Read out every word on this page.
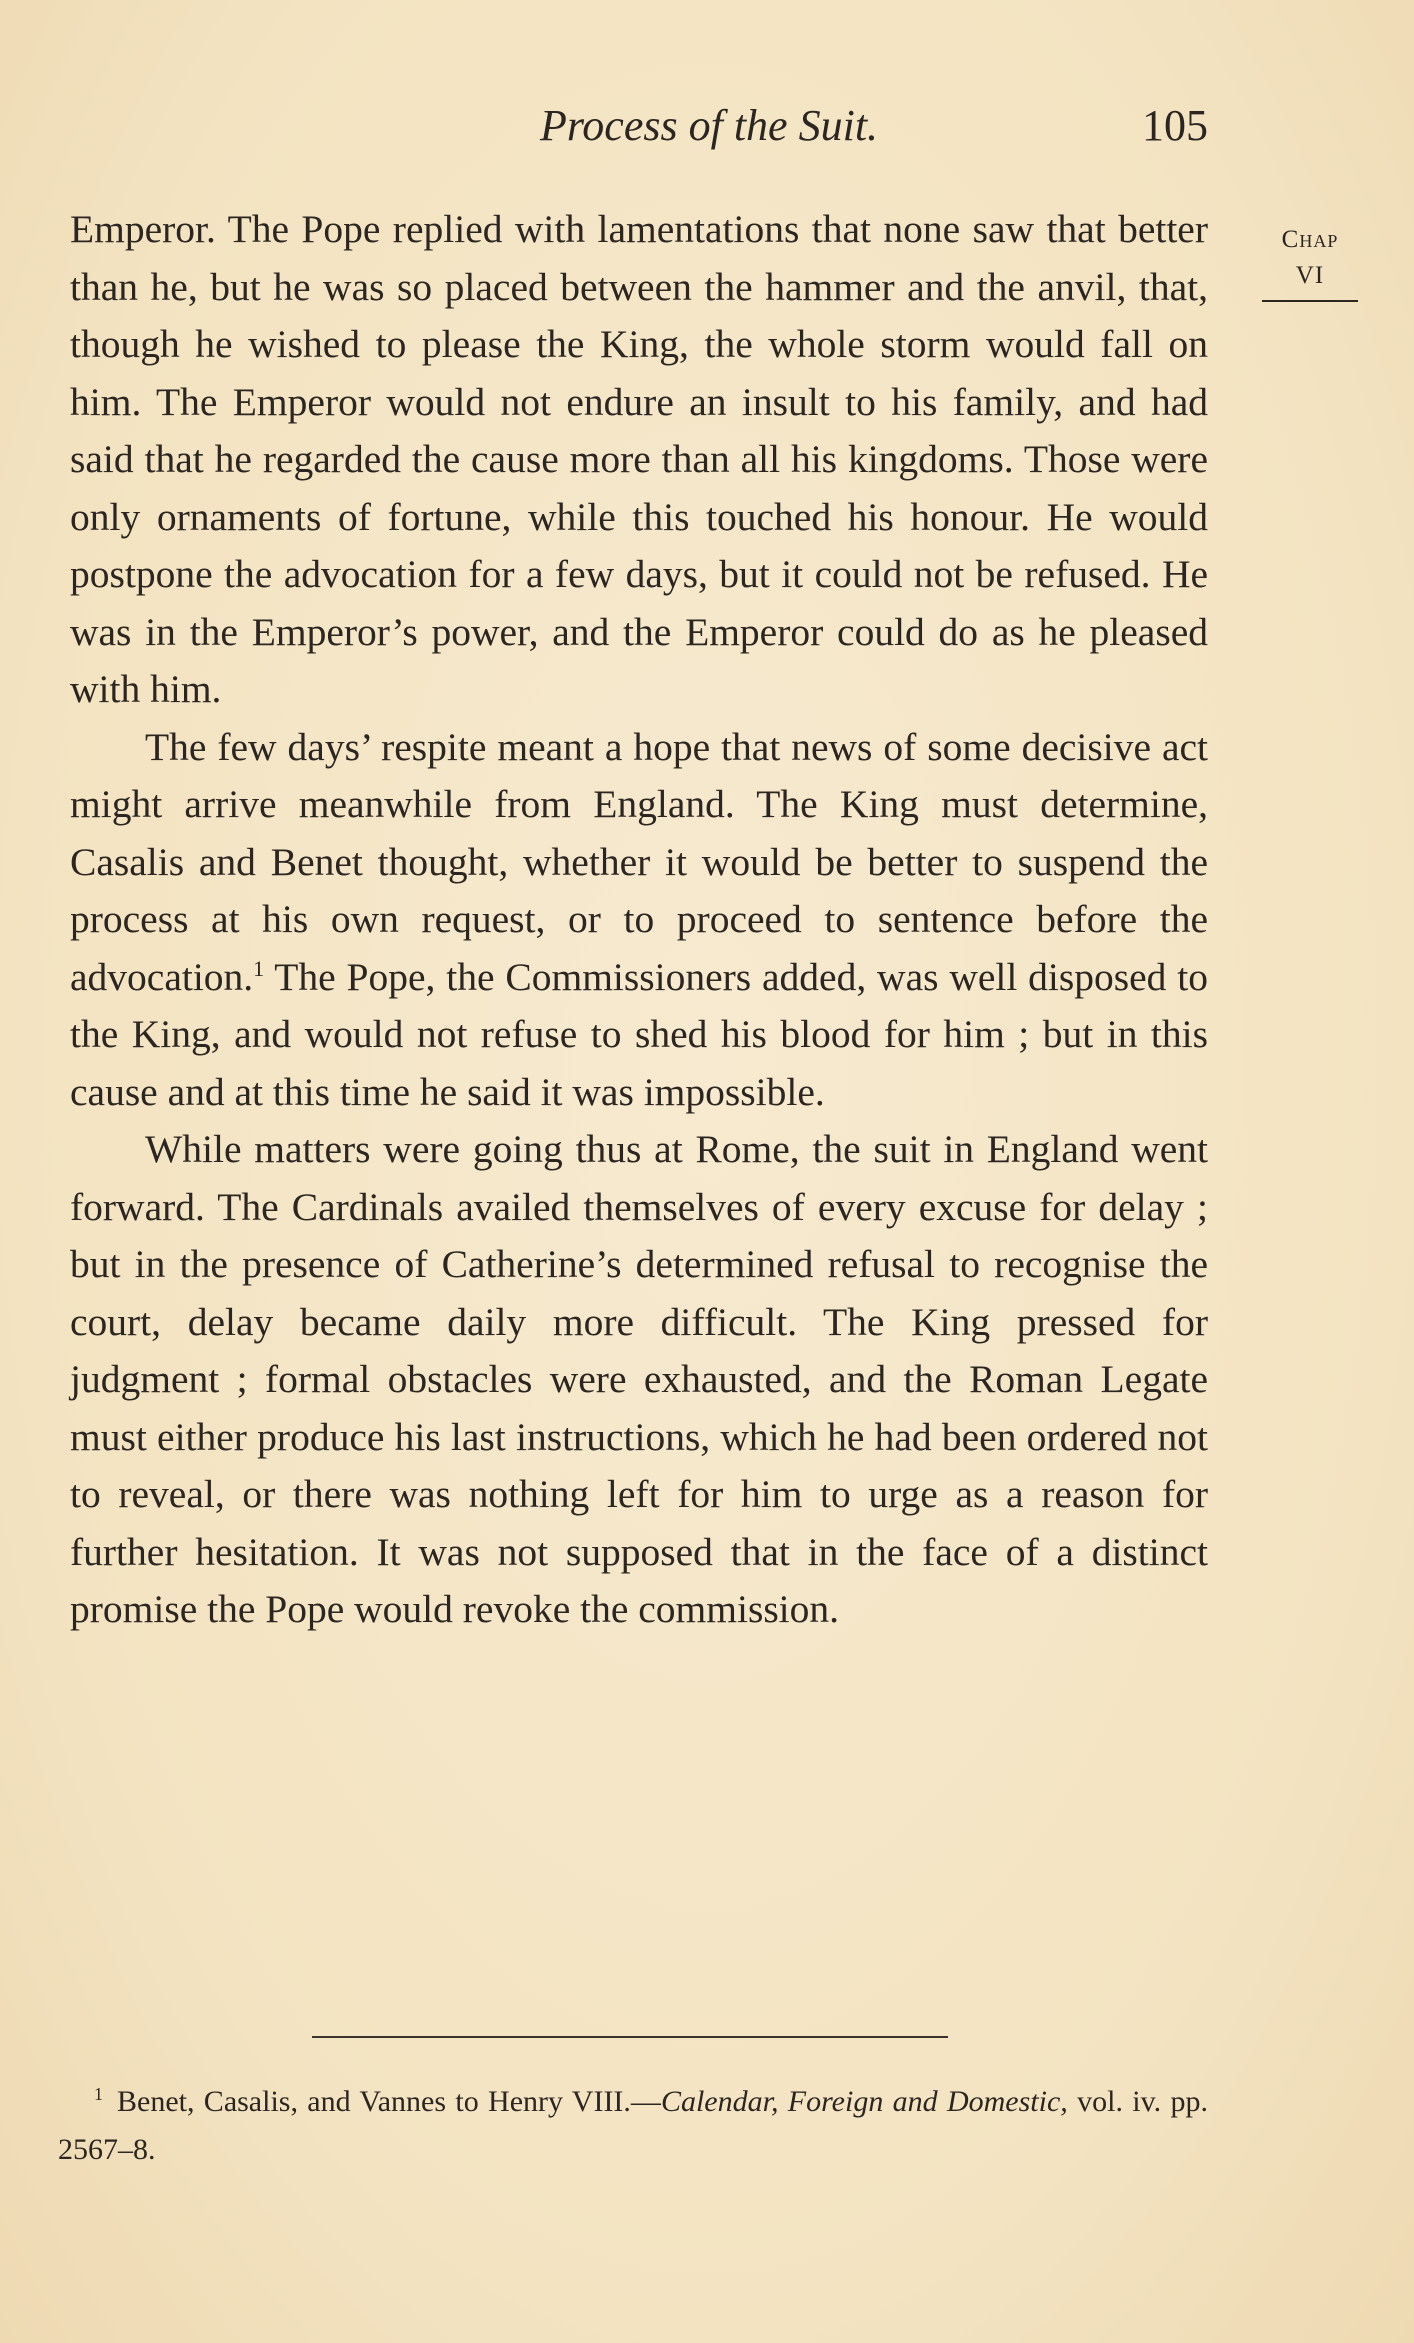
Process of the Suit.	105
Chap
VI

Emperor. The Pope replied with lamentations that none saw that better than he, but he was so placed between the hammer and the anvil, that, though he wished to please the King, the whole storm would fall on him. The Emperor would not endure an insult to his family, and had said that he regarded the cause more than all his kingdoms. Those were only ornaments of fortune, while this touched his honour. He would postpone the advocation for a few days, but it could not be refused. He was in the Emperor’s power, and the Emperor could do as he pleased with him.

The few days’ respite meant a hope that news of some decisive act might arrive meanwhile from England. The King must determine, Casalis and Benet thought, whether it would be better to suspend the process at his own request, or to proceed to sentence before the advocation.$^1$ The Pope, the Commissioners added, was well disposed to the King, and would not refuse to shed his blood for him ; but in this cause and at this time he said it was impossible.

While matters were going thus at Rome, the suit in England went forward. The Cardinals availed themselves of every excuse for delay ; but in the presence of Catherine’s determined refusal to recognise the court, delay became daily more difficult. The King pressed for judgment ; formal obstacles were exhausted, and the Roman Legate must either produce his last instructions, which he had been ordered not to reveal, or there was nothing left for him to urge as a reason for further hesitation. It was not supposed that in the face of a distinct promise the Pope would revoke the commission.

$^1$ Benet, Casalis, and Vannes to Henry VIII.—Calendar, Foreign and Domestic, vol. iv. pp. 2567–8.
